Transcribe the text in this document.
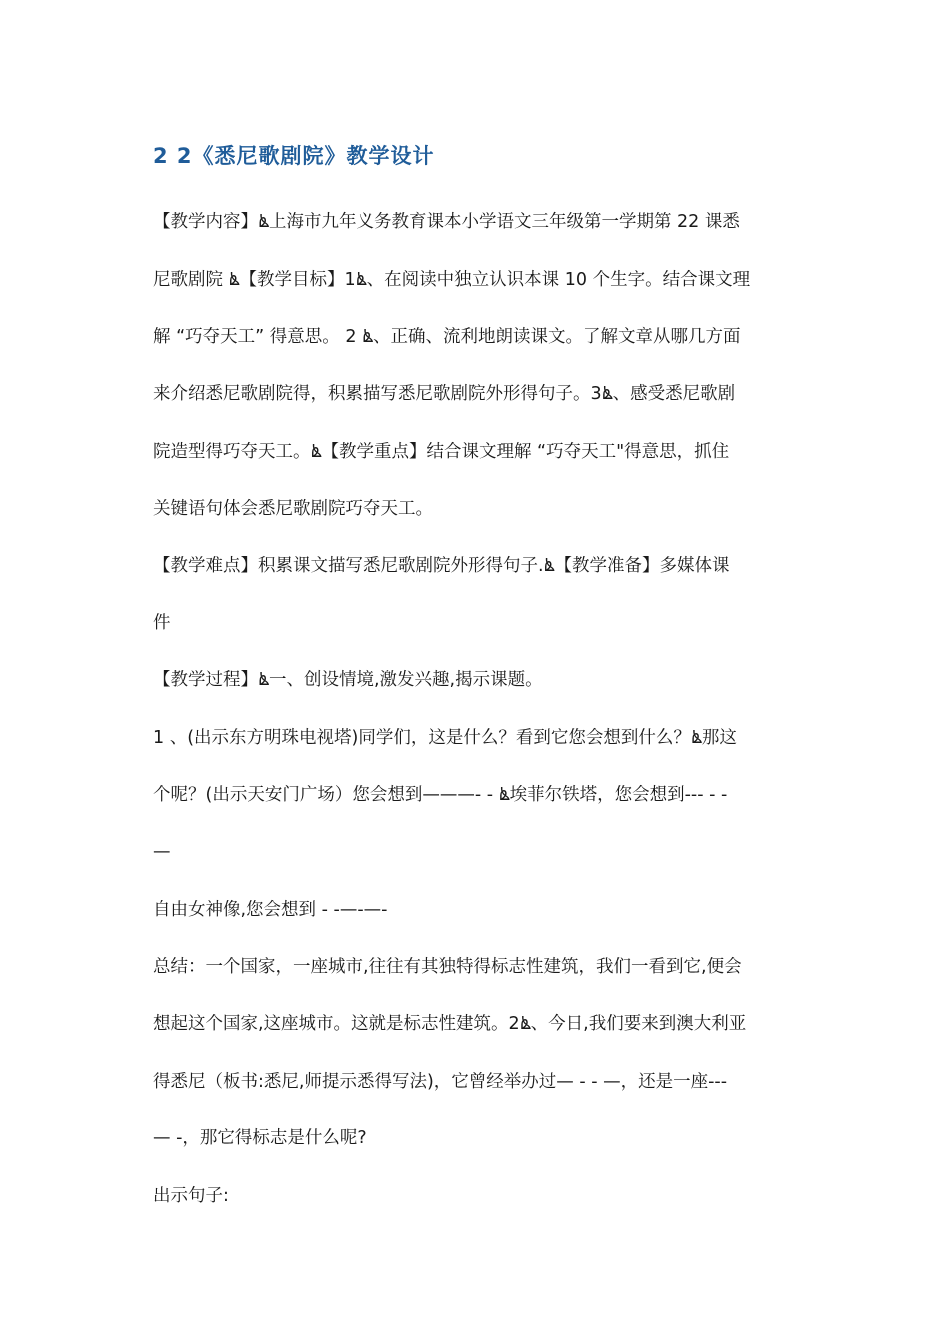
2 2《悉尼歌剧院》教学设计
【教学内容】ൔ上海市九年义务教育课本小学语文三年级第一学期第 22 课悉
尼歌剧院 ൔ【教学目标】1ൔ、在阅读中独立认识本课 10 个生字。结合课文理
解 “巧夺天工” 得意思。 2 ൔ、正确、流利地朗读课文。了解文章从哪几方面
来介绍悉尼歌剧院得，积累描写悉尼歌剧院外形得句子。3ൔ、感受悉尼歌剧
院造型得巧夺天工。ൔ【教学重点】结合课文理解 “巧夺天工"得意思，抓住
关键语句体会悉尼歌剧院巧夺天工。
【教学难点】积累课文描写悉尼歌剧院外形得句子.ൔ【教学准备】多媒体课
件
【教学过程】ൔ一、创设情境,激发兴趣,揭示课题。
1 、(出示东方明珠电视塔)同学们，这是什么？看到它您会想到什么？ൔ那这
个呢？(出示天安门广场）您会想到———- - ൔ埃菲尔铁塔，您会想到--- - -
—
自由女神像,您会想到 - -—-—-
总结：一个国家，一座城市,往往有其独特得标志性建筑，我们一看到它,便会
想起这个国家,这座城市。这就是标志性建筑。2ൔ、今日,我们要来到澳大利亚
得悉尼（板书:悉尼,师提示悉得写法)，它曾经举办过— - - —，还是一座---
— -，那它得标志是什么呢?
出示句子:
